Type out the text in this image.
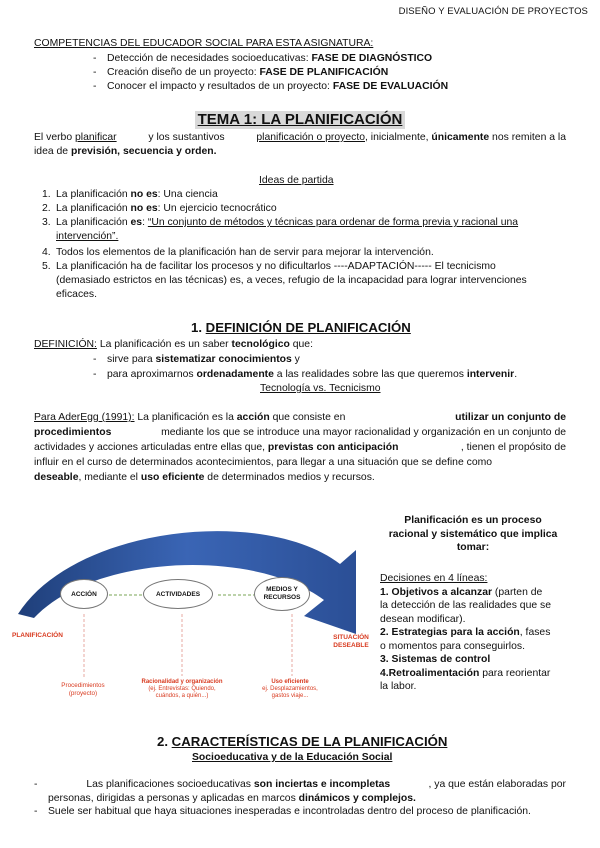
DISEÑO Y EVALUACIÓN DE PROYECTOS
COMPETENCIAS DEL EDUCADOR SOCIAL PARA ESTA ASIGNATURA:
Detección de necesidades socioeducativas: FASE DE DIAGNÓSTICO
Creación diseño de un proyecto: FASE DE PLANIFICACIÓN
Conocer el impacto y resultados de un proyecto: FASE DE EVALUACIÓN
TEMA 1: LA PLANIFICACIÓN
El verbo planificar	y los sustantivos	planificación o proyecto, inicialmente, únicamente nos remiten a la
idea de previsión, secuencia y orden.
Ideas de partida
1. La planificación no es: Una ciencia
2. La planificación no es: Un ejercicio tecnocrático
3. La planificación es: “Un conjunto de métodos y técnicas para ordenar de forma previa y racional una
intervención”.
4. Todos los elementos de la planificación han de servir para mejorar la intervención.
5. La planificación ha de facilitar los procesos y no dificultarlos ----ADAPTACIÓN----- El tecnicismo
(demasiado estrictos en las técnicas) es, a veces, refugio de la incapacidad para lograr intervenciones
eficaces.
1. DEFINICIÓN DE PLANIFICACIÓN
DEFINICIÓN: La planificación es un saber tecnológico que:
sirve para sistematizar conocimientos y
para aproximarnos ordenadamente a las realidades sobre las que queremos intervenir.
Tecnología vs. Tecnicismo
Para AderEgg (1991): La planificación es la acción que consiste en	utilizar un conjunto de
procedimientos	mediante los que se introduce una mayor racionalidad y organización en un conjunto de
actividades y acciones articuladas entre ellas que, previstas con anticipación	, tienen el propósito de
influir en el curso de determinados acontecimientos, para llegar a una situación que se define como
deseable, mediante el uso eficiente de determinados medios y recursos.
ACCIÓN	ACTIVIDADES
MEDIOS Y RECURSOS
PLANIFICACIÓN	SITUACIÓN DESEABLE
Procedimientos (proyecto)
Racionalidad y organización
(ej. Entrevistas: Quiendo, cuándos, a quién...)
Uso eficiente
ej. Desplazamientos, gastos viaje...
Planificación es un proceso
racional y sistemático que implica
tomar:
Decisiones en 4 líneas:
1. Objetivos a alcanzar (parten de
la detección de las realidades que se
desean modificar).
2. Estrategias para la acción, fases
o momentos para conseguirlos.
3. Sistemas de control
4.Retroalimentación para reorientar
la labor.
2. CARACTERÍSTICAS DE LA PLANIFICACIÓN
Socioeducativa y de la Educación Social
Las planificaciones socioeducativas son inciertas e incompletas	, ya que están elaboradas por
personas, dirigidas a personas y aplicadas en marcos dinámicos y complejos.
Suele ser habitual que haya situaciones inesperadas e incontroladas dentro del proceso de planificación.
